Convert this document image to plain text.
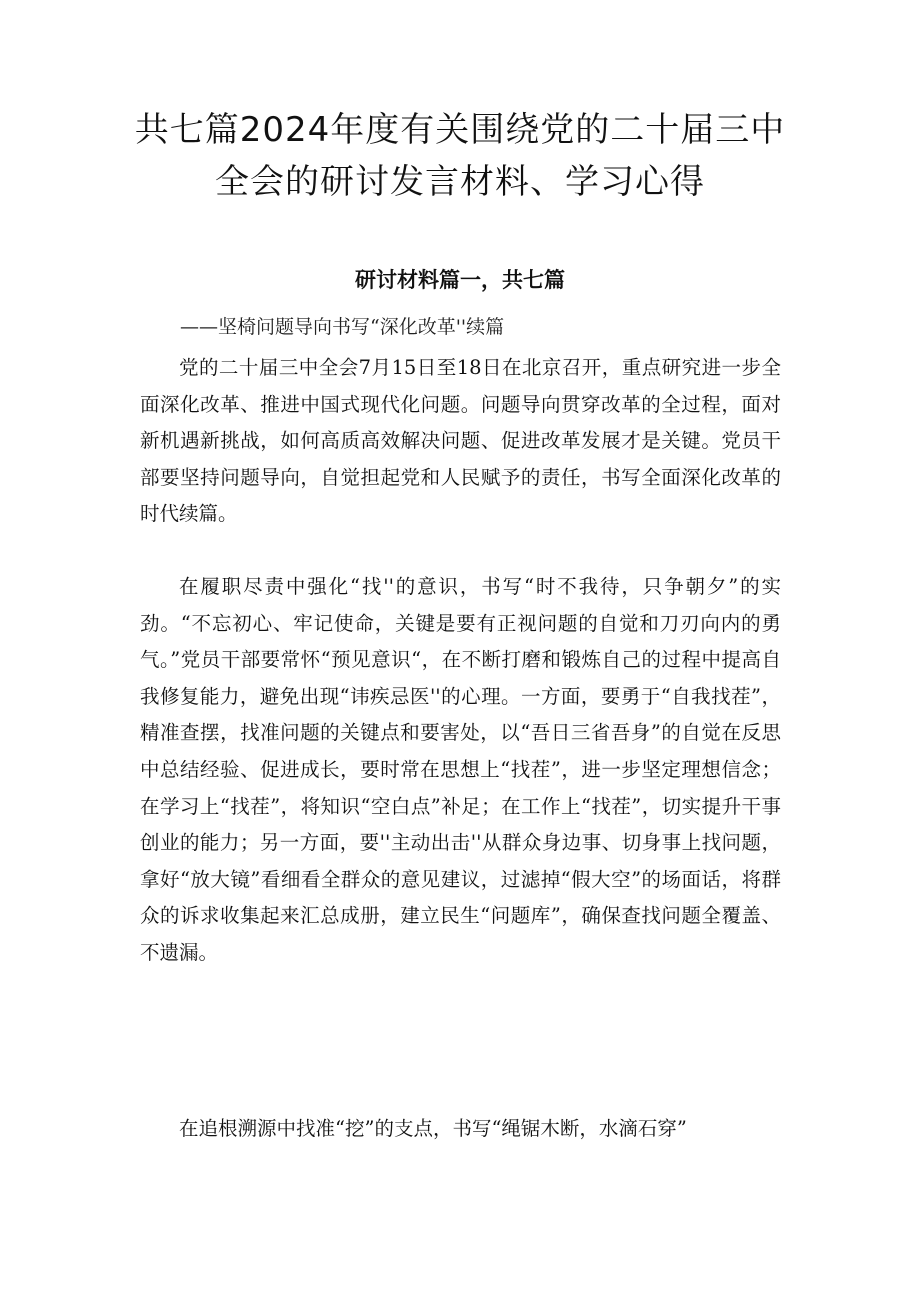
共七篇2024年度有关围绕党的二十届三中
全会的研讨发言材料、学习心得
研讨材料篇一，共七篇
——坚椅问题导向书写“深化改革''续篇

党的二十届三中全会7月15日至18日在北京召开，重点研究进一步全面深化改革、推进中国式现代化问题。问题导向贯穿改革的全过程，面对新机遇新挑战，如何高质高效解决问题、促进改革发展才是关键。党员干部要坚持问题导向，自觉担起党和人民赋予的责任，书写全面深化改革的时代续篇。

在履职尽责中强化“找''的意识，书写“时不我待，只争朝夕”的实劲。“不忘初心、牢记使命，关键是要有正视问题的自觉和刀刃向内的勇气。”党员干部要常怀“预见意识“，在不断打磨和锻炼自己的过程中提高自我修复能力，避免出现“讳疾忌医''的心理。一方面，要勇于“自我找茬”，精准查摆，找准问题的关键点和要害处，以“吾日三省吾身”的自觉在反思中总结经验、促进成长，要时常在思想上“找茬”，进一步坚定理想信念；在学习上“找茬”，将知识“空白点”补足；在工作上“找茬”，切实提升干事创业的能力；另一方面，要''主动出击''从群众身边事、切身事上找问题，拿好“放大镜”看细看全群众的意见建议，过滤掉“假大空”的场面话，将群众的诉求收集起来汇总成册，建立民生“问题库”，确保查找问题全覆盖、不遗漏。

在追根溯源中找准“挖”的支点，书写“绳锯木断，水滴石穿”
